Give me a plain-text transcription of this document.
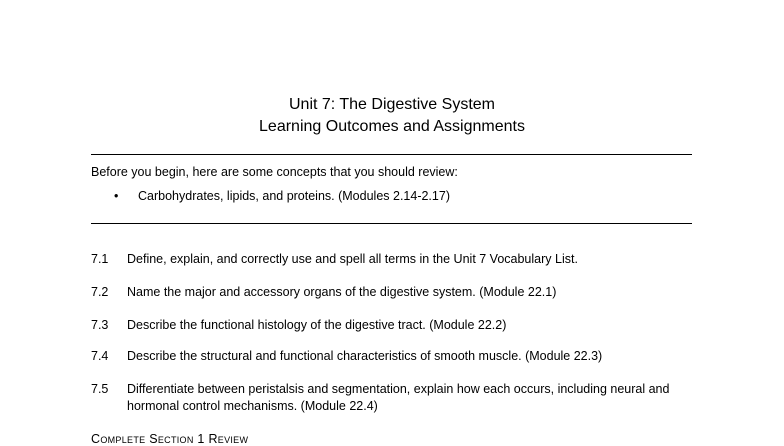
Unit 7: The Digestive System
Learning Outcomes and Assignments
Before you begin, here are some concepts that you should review:
• Carbohydrates, lipids, and proteins. (Modules 2.14-2.17)
7.1	Define, explain, and correctly use and spell all terms in the Unit 7 Vocabulary List.
7.2	Name the major and accessory organs of the digestive system. (Module 22.1)
7.3	Describe the functional histology of the digestive tract. (Module 22.2)
7.4	Describe the structural and functional characteristics of smooth muscle. (Module 22.3)
7.5	Differentiate between peristalsis and segmentation, explain how each occurs, including neural and hormonal control mechanisms. (Module 22.4)
Complete Section 1 Review
